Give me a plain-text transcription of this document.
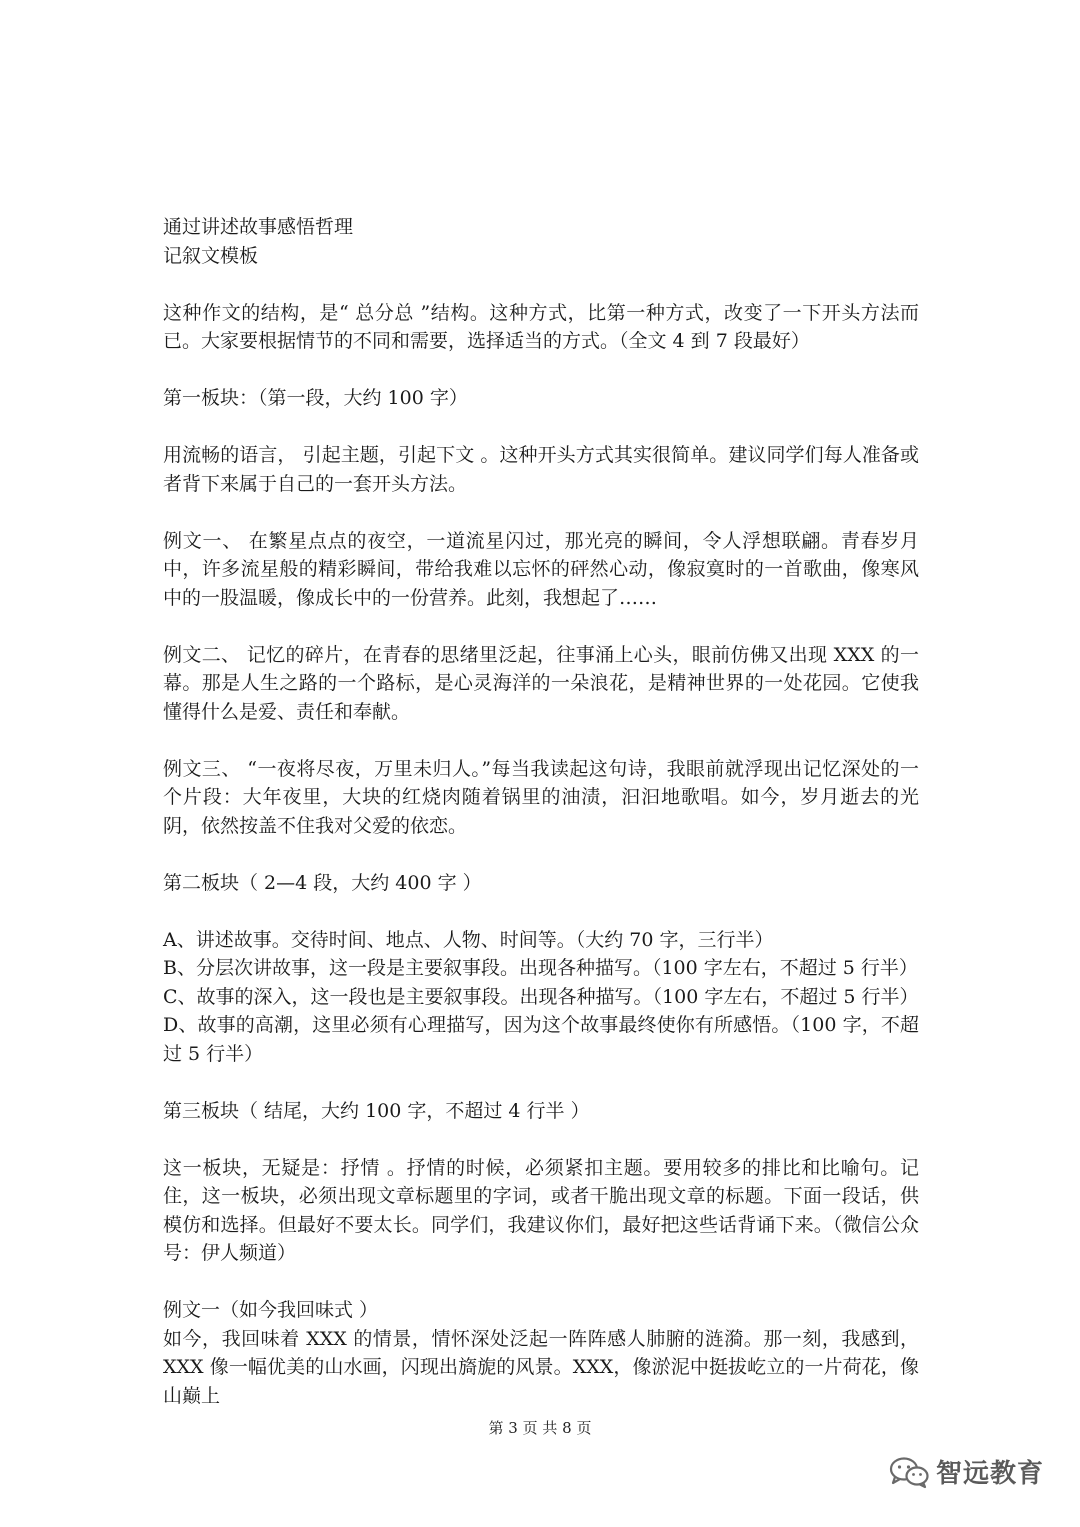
通过讲述故事感悟哲理

记叙文模板

这种作文的结构，是“ 总分总 ”结构。这种方式，比第一种方式，改变了一下开头方法而已。大家要根据情节的不同和需要，选择适当的方式。（全文 4 到 7 段最好）

第一板块：（第一段，大约 100 字）

用流畅的语言， 引起主题，引起下文 。这种开头方式其实很简单。建议同学们每人准备或者背下来属于自己的一套开头方法。

例文一、 在繁星点点的夜空，一道流星闪过，那光亮的瞬间，令人浮想联翩。青春岁月中，许多流星般的精彩瞬间，带给我难以忘怀的砰然心动，像寂寞时的一首歌曲，像寒风中的一股温暖，像成长中的一份营养。此刻，我想起了……

例文二、 记忆的碎片，在青春的思绪里泛起，往事涌上心头，眼前仿佛又出现 XXX 的一幕。那是人生之路的一个路标，是心灵海洋的一朵浪花，是精神世界的一处花园。它使我懂得什么是爱、责任和奉献。

例文三、 “一夜将尽夜，万里未归人。”每当我读起这句诗，我眼前就浮现出记忆深处的一个片段：大年夜里，大块的红烧肉随着锅里的油渍，汩汩地歌唱。如今，岁月逝去的光阴，依然按盖不住我对父爱的依恋。

第二板块（ 2—4 段，大约 400 字 ）

A、讲述故事。交待时间、地点、人物、时间等。（大约 70 字，三行半）

B、分层次讲故事，这一段是主要叙事段。出现各种描写。（100 字左右，不超过 5 行半）

C、故事的深入，这一段也是主要叙事段。出现各种描写。（100 字左右，不超过 5 行半）

D、故事的高潮，这里必须有心理描写，因为这个故事最终使你有所感悟。（100 字，不超过 5 行半）

第三板块（ 结尾，大约 100 字，不超过 4 行半 ）

这一板块，无疑是：抒情 。抒情的时候，必须紧扣主题。要用较多的排比和比喻句。记住，这一板块，必须出现文章标题里的字词，或者干脆出现文章的标题。下面一段话，供模仿和选择。但最好不要太长。同学们，我建议你们，最好把这些话背诵下来。（微信公众号：伊人频道）

例文一（如今我回味式 ）

如今，我回味着 XXX 的情景，情怀深处泛起一阵阵感人肺腑的涟漪。那一刻，我感到，XXX 像一幅优美的山水画，闪现出旖旎的风景。XXX，像淤泥中挺拔屹立的一片荷花，像山巅上

第 3 页 共 8 页
智远教育
